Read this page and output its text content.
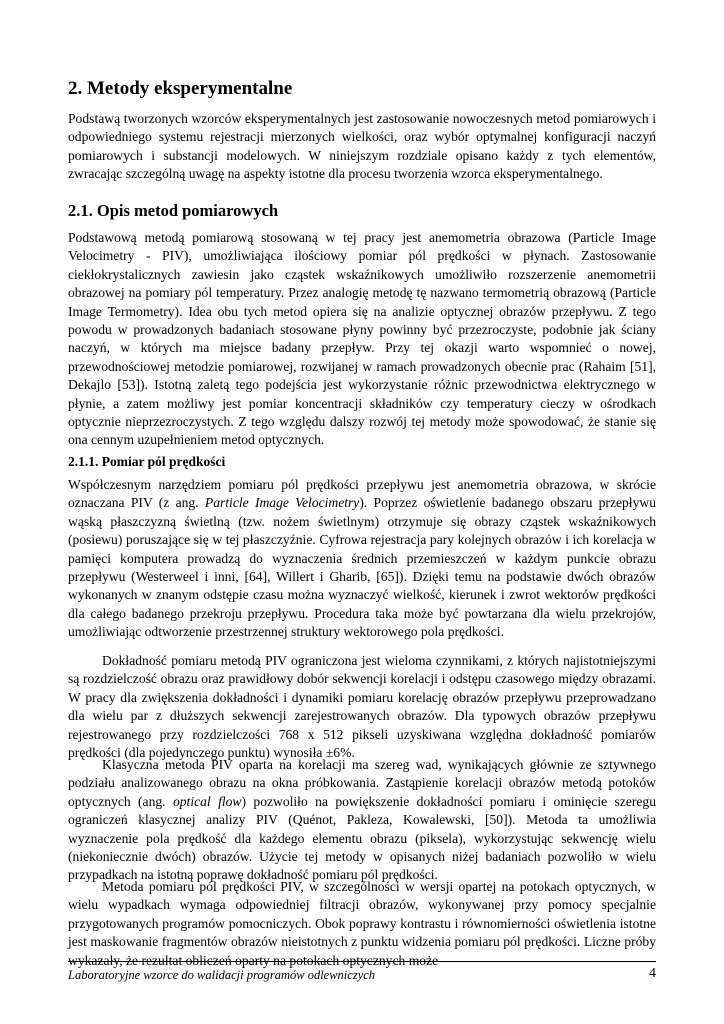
2. Metody eksperymentalne

Podstawą tworzonych wzorców eksperymentalnych jest zastosowanie nowoczesnych metod pomiarowych i odpowiedniego systemu rejestracji mierzonych wielkości, oraz wybór optymalnej konfiguracji naczyń pomiarowych i substancji modelowych. W niniejszym rozdziale opisano każdy z tych elementów, zwracając szczególną uwagę na aspekty istotne dla procesu tworzenia wzorca eksperymentalnego.

2.1. Opis metod pomiarowych

Podstawową metodą pomiarową stosowaną w tej pracy jest anemometria obrazowa (Particle Image Velocimetry - PIV), umożliwiająca ilościowy pomiar pól prędkości w płynach. Zastosowanie ciekłokrystalicznych zawiesin jako cząstek wskaźnikowych umożliwiło rozszerzenie anemometrii obrazowej na pomiary pól temperatury. Przez analogię metodę tę nazwano termometrią obrazową (Particle Image Termometry). Idea obu tych metod opiera się na analizie optycznej obrazów przepływu. Z tego powodu w prowadzonych badaniach stosowane płyny powinny być przezroczyste, podobnie jak ściany naczyń, w których ma miejsce badany przepływ. Przy tej okazji warto wspomnieć o nowej, przewodnościowej metodzie pomiarowej, rozwijanej w ramach prowadzonych obecnie prac (Rahaim [51], Dekajlo [53]). Istotną zaletą tego podejścia jest wykorzystanie różnic przewodnictwa elektrycznego w płynie, a zatem możliwy jest pomiar koncentracji składników czy temperatury cieczy w ośrodkach optycznie nieprzezroczystych. Z tego względu dalszy rozwój tej metody może spowodować, że stanie się ona cennym uzupełnieniem metod optycznych.

2.1.1. Pomiar pól prędkości

Współczesnym narzędziem pomiaru pól prędkości przepływu jest anemometria obrazowa, w skrócie oznaczana PIV (z ang. Particle Image Velocimetry). Poprzez oświetlenie badanego obszaru przepływu wąską płaszczyzną świetlną (tzw. nożem świetlnym) otrzymuje się obrazy cząstek wskaźnikowych (posiewu) poruszające się w tej płaszczyźnie. Cyfrowa rejestracja pary kolejnych obrazów i ich korelacja w pamięci komputera prowadzą do wyznaczenia średnich przemieszczeń w każdym punkcie obrazu przepływu (Westerweel i inni, [64], Willert i Gharib, [65]). Dzięki temu na podstawie dwóch obrazów wykonanych w znanym odstępie czasu można wyznaczyć wielkość, kierunek i zwrot wektorów prędkości dla całego badanego przekroju przepływu. Procedura taka może być powtarzana dla wielu przekrojów, umożliwiając odtworzenie przestrzennej struktury wektorowego pola prędkości.

Dokładność pomiaru metodą PIV ograniczona jest wieloma czynnikami, z których najistotniejszymi są rozdzielczość obrazu oraz prawidłowy dobór sekwencji korelacji i odstępu czasowego między obrazami. W pracy dla zwiększenia dokładności i dynamiki pomiaru korelację obrazów przepływu przeprowadzano dla wielu par z dłuższych sekwencji zarejestrowanych obrazów. Dla typowych obrazów przepływu rejestrowanego przy rozdzielczości 768 x 512 pikseli uzyskiwana względna dokładność pomiarów prędkości (dla pojedynczego punktu) wynosiła ±6%.

Klasyczna metoda PIV oparta na korelacji ma szereg wad, wynikających głównie ze sztywnego podziału analizowanego obrazu na okna próbkowania. Zastąpienie korelacji obrazów metodą potoków optycznych (ang. optical flow) pozwoliło na powiększenie dokładności pomiaru i ominięcie szeregu ograniczeń klasycznej analizy PIV (Quénot, Pakleza, Kowalewski, [50]). Metoda ta umożliwia wyznaczenie pola prędkość dla każdego elementu obrazu (piksela), wykorzystując sekwencję wielu (niekoniecznie dwóch) obrazów. Użycie tej metody w opisanych niżej badaniach pozwoliło w wielu przypadkach na istotną poprawę dokładność pomiaru pól prędkości.

Metoda pomiaru pól prędkości PIV, w szczególności w wersji opartej na potokach optycznych, w wielu wypadkach wymaga odpowiedniej filtracji obrazów, wykonywanej przy pomocy specjalnie przygotowanych programów pomocniczych. Obok poprawy kontrastu i równomierności oświetlenia istotne jest maskowanie fragmentów obrazów nieistotnych z punktu widzenia pomiaru pól prędkości. Liczne próby wykazały, że rezultat obliczeń oparty na potokach optycznych może

Laboratoryjne wzorce do walidacji programów odlewniczych	4
